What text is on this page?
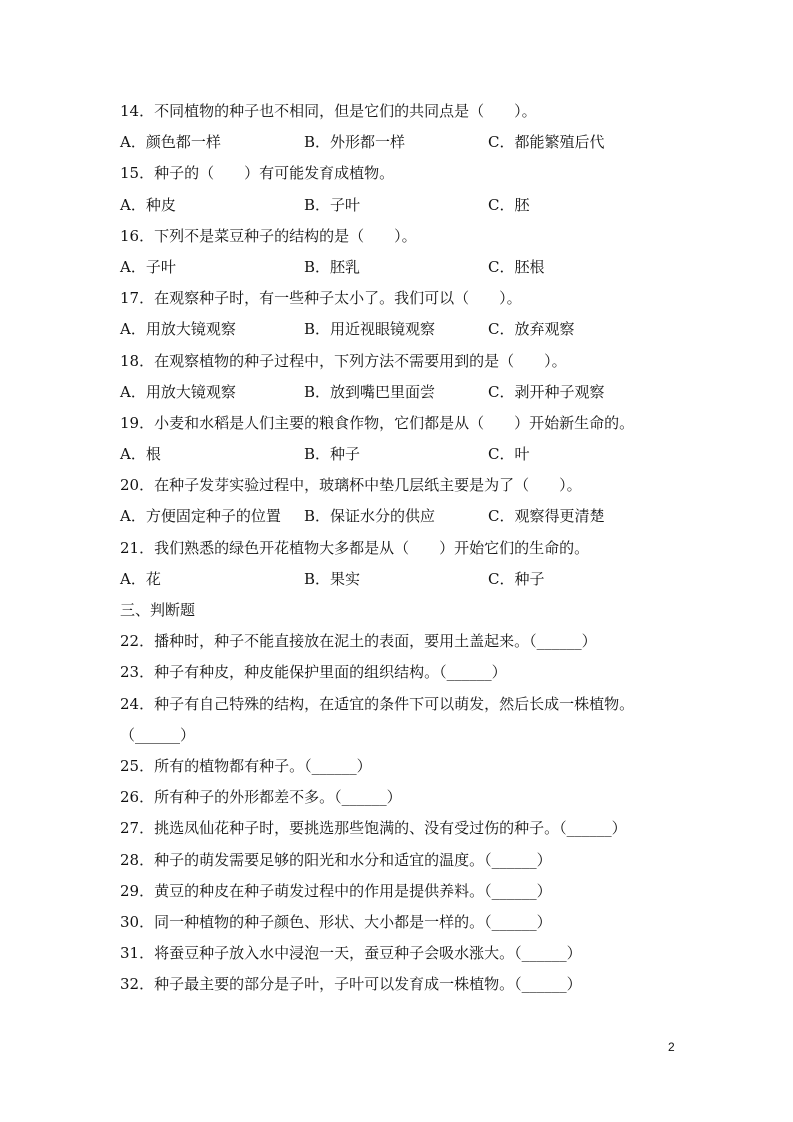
14．不同植物的种子也不相同，但是它们的共同点是（　　）。
A．颜色都一样	B．外形都一样	C．都能繁殖后代
15．种子的（　　）有可能发育成植物。
A．种皮	B．子叶	C．胚
16．下列不是菜豆种子的结构的是（　　）。
A．子叶	B．胚乳	C．胚根
17．在观察种子时，有一些种子太小了。我们可以（　　）。
A．用放大镜观察	B．用近视眼镜观察	C．放弃观察
18．在观察植物的种子过程中，下列方法不需要用到的是（　　）。
A．用放大镜观察	B．放到嘴巴里面尝	C．剥开种子观察
19．小麦和水稻是人们主要的粮食作物，它们都是从（　　）开始新生命的。
A．根	B．种子	C．叶
20．在种子发芽实验过程中，玻璃杯中垫几层纸主要是为了（　　）。
A．方便固定种子的位置 B．保证水分的供应	C．观察得更清楚
21．我们熟悉的绿色开花植物大多都是从（　　）开始它们的生命的。
A．花	B．果实	C．种子
三、判断题
22．播种时，种子不能直接放在泥土的表面，要用土盖起来。（______）
23．种子有种皮，种皮能保护里面的组织结构。（______）
24．种子有自己特殊的结构，在适宜的条件下可以萌发，然后长成一株植物。
（______）
25．所有的植物都有种子。（______）
26．所有种子的外形都差不多。（______）
27．挑选凤仙花种子时，要挑选那些饱满的、没有受过伤的种子。（______）
28．种子的萌发需要足够的阳光和水分和适宜的温度。（______）
29．黄豆的种皮在种子萌发过程中的作用是提供养料。（______）
30．同一种植物的种子颜色、形状、大小都是一样的。（______）
31．将蚕豆种子放入水中浸泡一天，蚕豆种子会吸水涨大。（______）
32．种子最主要的部分是子叶，子叶可以发育成一株植物。（______）
2
